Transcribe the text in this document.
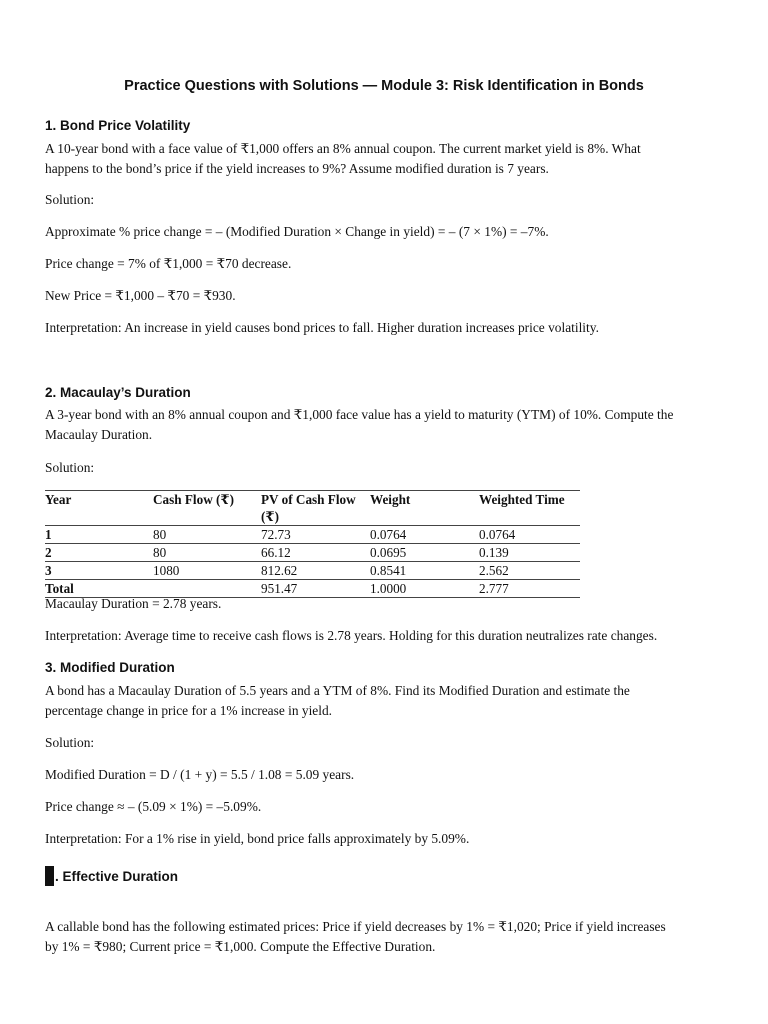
Practice Questions with Solutions — Module 3: Risk Identification in Bonds
1. Bond Price Volatility
A 10-year bond with a face value of ₹1,000 offers an 8% annual coupon. The current market yield is 8%. What
happens to the bond’s price if the yield increases to 9%? Assume modified duration is 7 years.
Solution:
Approximate % price change = – (Modified Duration × Change in yield) = – (7 × 1%) = –7%.
Price change = 7% of ₹1,000 = ₹70 decrease.
New Price = ₹1,000 – ₹70 = ₹930.
Interpretation: An increase in yield causes bond prices to fall. Higher duration increases price volatility.
2. Macaulay’s Duration
A 3-year bond with an 8% annual coupon and ₹1,000 face value has a yield to maturity (YTM) of 10%. Compute the
Macaulay Duration.
Solution:
Year	Cash Flow (₹)	PV of Cash Flow (₹)	Weight	Weighted Time
1	80	72.73	0.0764	0.0764
2	80	66.12	0.0695	0.139
3	1080	812.62	0.8541	2.562
Total		951.47	1.0000	2.777
Macaulay Duration = 2.78 years.
Interpretation: Average time to receive cash flows is 2.78 years. Holding for this duration neutralizes rate changes.
3. Modified Duration
A bond has a Macaulay Duration of 5.5 years and a YTM of 8%. Find its Modified Duration and estimate the
percentage change in price for a 1% increase in yield.
Solution:
Modified Duration = D / (1 + y) = 5.5 / 1.08 = 5.09 years.
Price change ≈ – (5.09 × 1%) = –5.09%.
Interpretation: For a 1% rise in yield, bond price falls approximately by 5.09%.
. Effective Duration
A callable bond has the following estimated prices: Price if yield decreases by 1% = ₹1,020; Price if yield increases
by 1% = ₹980; Current price = ₹1,000. Compute the Effective Duration.
